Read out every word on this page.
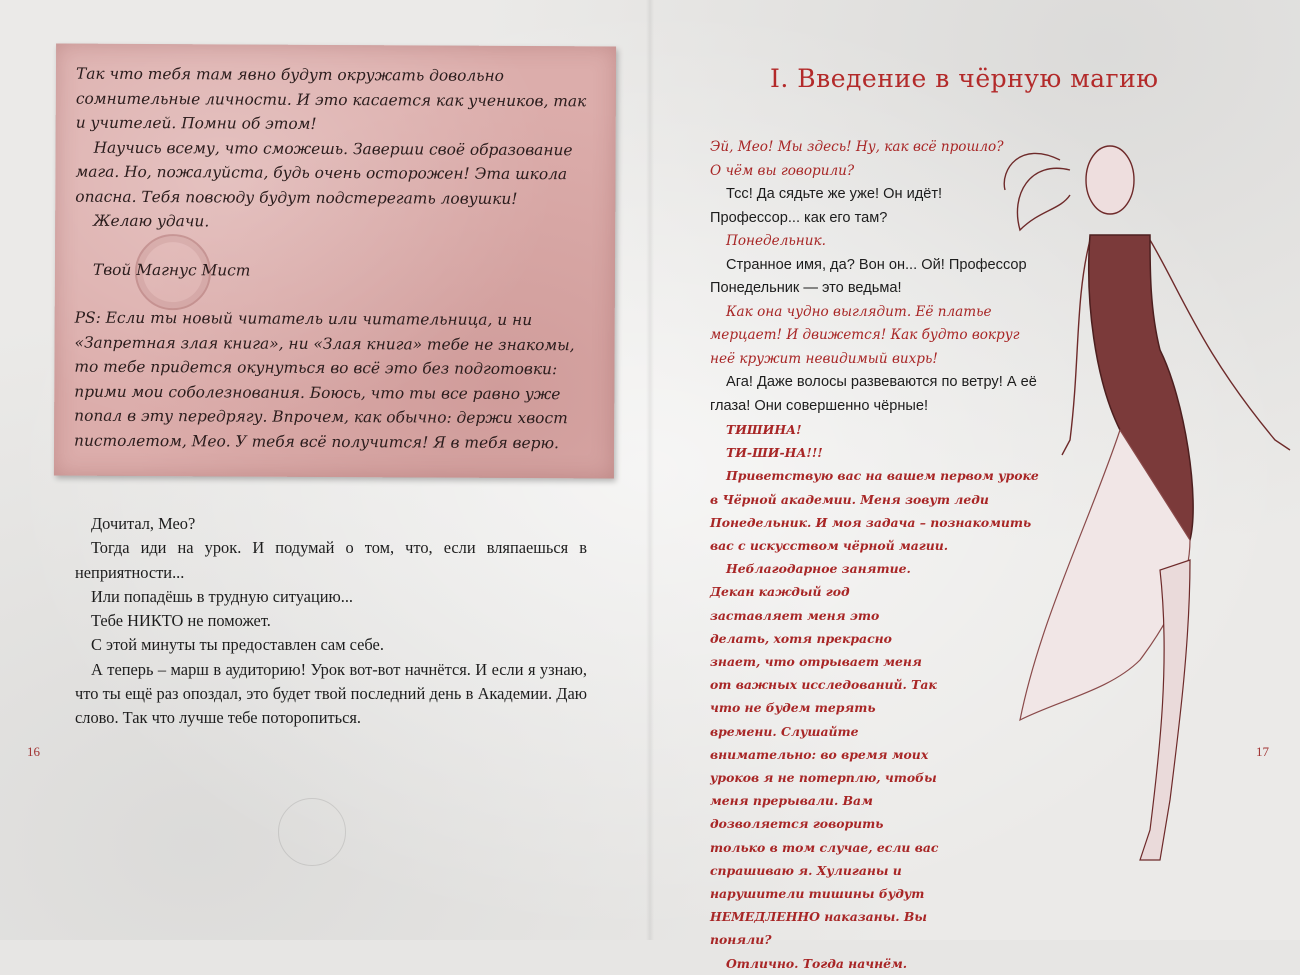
Так что тебя там явно будут окружать довольно сомнительные личности. И это касается как учеников, так и учителей. Помни об этом!

Научись всему, что сможешь. Заверши своё образование мага. Но, пожалуйста, будь очень осторожен! Эта школа опасна. Тебя повсюду будут подстерегать ловушки!

Желаю удачи.

Твой Магнус Мист

PS: Если ты новый читатель или читательница, и ни «Запретная злая книга», ни «Злая книга» тебе не знакомы, то тебе придется окунуться во всё это без подготовки: прими мои соболезнования. Боюсь, что ты все равно уже попал в эту передрягу. Впрочем, как обычно: держи хвост пистолетом, Мео. У тебя всё получится! Я в тебя верю.

Дочитал, Мео?

Тогда иди на урок. И подумай о том, что, если вляпаешься в неприятности...

Или попадёшь в трудную ситуацию...

Тебе НИКТО не поможет.

С этой минуты ты предоставлен сам себе.

А теперь – марш в аудиторию! Урок вот-вот начнётся. И если я узнаю, что ты ещё раз опоздал, это будет твой последний день в Академии. Даю слово. Так что лучше тебе поторопиться.

16
I. Введение в чёрную магию

Эй, Мео! Мы здесь! Ну, как всё прошло? О чём вы говорили?

Тсс! Да сядьте же уже! Он идёт! Профессор... как его там?

Понедельник.

Странное имя, да? Вон он... Ой! Профессор Понедельник — это ведьма!

Как она чудно выглядит. Её платье мерцает! И движется! Как будто вокруг неё кружит невидимый вихрь!

Ага! Даже волосы развеваются по ветру! А её глаза! Они совершенно чёрные!

ТИШИНА!

ТИ-ШИ-НА!!!

Приветствую вас на вашем первом уроке в Чёрной академии. Меня зовут леди Понедельник. И моя задача – познакомить вас с искусством чёрной магии.

Неблагодарное занятие. Декан каждый год заставляет меня это делать, хотя прекрасно знает, что отрывает меня от важных исследований. Так что не будем терять времени. Слушайте внимательно: во время моих уроков я не потерплю, чтобы меня прерывали. Вам дозволяется говорить только в том случае, если вас спрашиваю я. Хулиганы и нарушители тишины будут НЕМЕДЛЕННО наказаны. Вы поняли?

Отлично. Тогда начнём.

17
